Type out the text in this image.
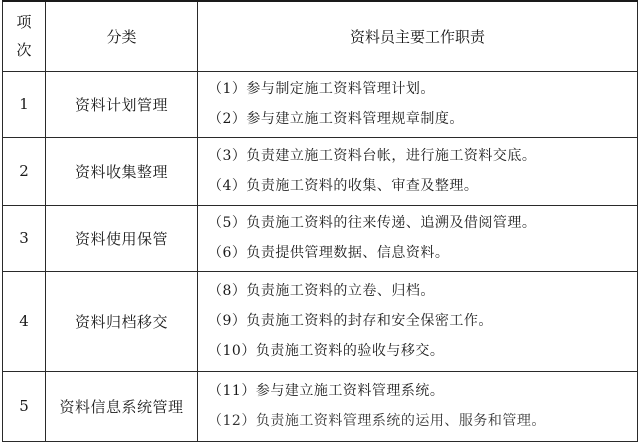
项
次	分类	资料员主要工作职责
1	资料计划管理	（1）参与制定施工资料管理计划。
（2）参与建立施工资料管理规章制度。

2	资料收集整理	（3）负责建立施工资料台帐，进行施工资料交底。
（4）负责施工资料的收集、审查及整理。

3	资料使用保管	（5）负责施工资料的往来传递、追溯及借阅管理。
（6）负责提供管理数据、信息资料。

4	资料归档移交	（8）负责施工资料的立卷、归档。
（9）负责施工资料的封存和安全保密工作。
（10）负责施工资料的验收与移交。

5	资料信息系统管理	（11）参与建立施工资料管理系统。
（12）负责施工资料管理系统的运用、服务和管理。
